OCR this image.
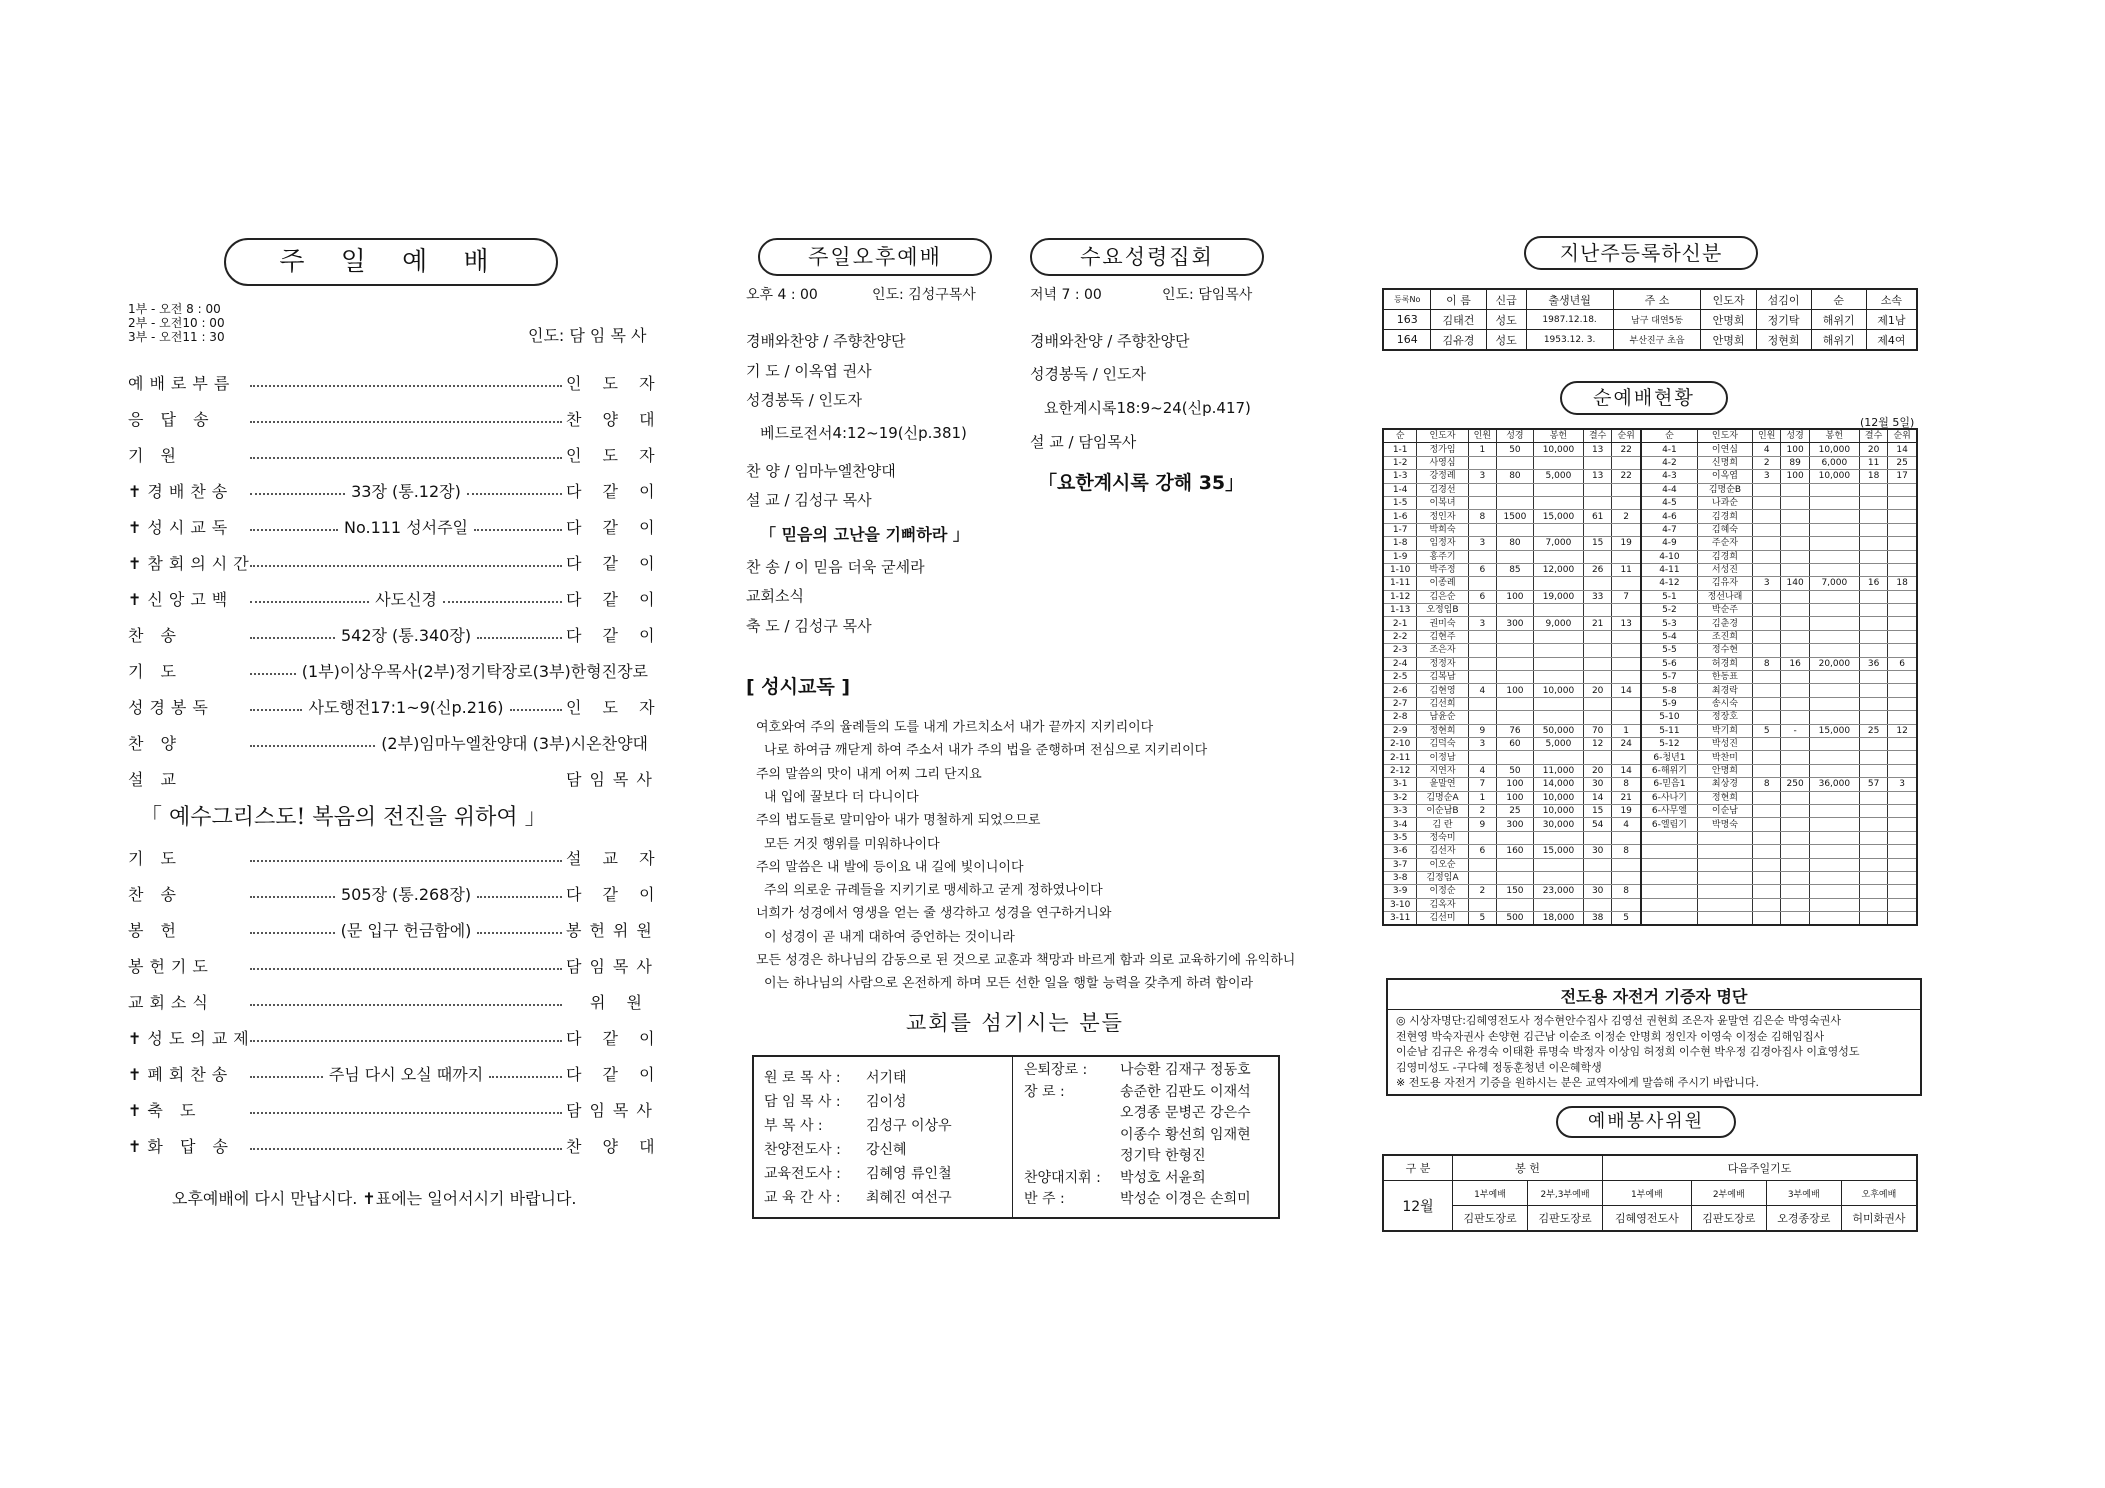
주 일 예 배
1부 - 오전 8 : 00
2부 - 오전10 : 00
3부 - 오전11 : 30	인도: 담 임 목 사
예배로부름	인 도 자
응 답 송	찬 양 대
기 원	인 도 자
✝경배찬송	33장 (통.12장)	다 같 이
✝성시교독	No.111 성서주일	다 같 이
✝참회의시간	다 같 이
✝신앙고백	사도신경	다 같 이
찬 송	542장 (통.340장)	다 같 이
기 도	(1부)이상우목사(2부)정기탁장로(3부)한형진장로
성경봉독	사도행전17:1~9(신p.216)	인 도 자
찬 양	(2부)임마누엘찬양대 (3부)시온찬양대
설 교	담임목사
「 예수그리스도! 복음의 전진을 위하여 」
기 도	설 교 자
찬 송	505장 (통.268장)	다 같 이
봉 헌	(문 입구 헌금함에)	봉헌위원
봉헌기도	담임목사
교회소식	위 원
✝성도의교제	다 같 이
✝폐회찬송	주님 다시 오실 때까지	다 같 이
✝축 도	담임목사
✝화 답 송	찬 양 대
오후예배에 다시 만납시다. ✝표에는 일어서시기 바랍니다.
주일오후예배	수요성령집회
오후 4 : 00	인도: 김성구목사	저녁 7 : 00	인도: 담임목사
경배와찬양 / 주향찬양단
기 도 / 이옥엽 권사
성경봉독 / 인도자
베드로전서4:12~19(신p.381)
찬 양 / 임마누엘찬양대
설 교 / 김성구 목사
「 믿음의 고난을 기뻐하라 」
찬 송 / 이 믿음 더욱 굳세라
교회소식
축 도 / 김성구 목사
경배와찬양 / 주향찬양단
성경봉독 / 인도자
요한계시록18:9~24(신p.417)
설 교 / 담임목사
「요한계시록 강해 35」
[ 성시교독 ]
여호와여 주의 율례들의 도를 내게 가르치소서 내가 끝까지 지키리이다
나로 하여금 깨닫게 하여 주소서 내가 주의 법을 준행하며 전심으로 지키리이다
주의 말씀의 맛이 내게 어찌 그리 단지요
내 입에 꿀보다 더 다니이다
주의 법도들로 말미암아 내가 명철하게 되었으므로
모든 거짓 행위를 미워하나이다
주의 말씀은 내 발에 등이요 내 길에 빛이니이다
주의 의로운 규례들을 지키기로 맹세하고 굳게 정하였나이다
너희가 성경에서 영생을 얻는 줄 생각하고 성경을 연구하거니와
이 성경이 곧 내게 대하여 증언하는 것이니라
모든 성경은 하나님의 감동으로 된 것으로 교훈과 책망과 바르게 함과 의로 교육하기에 유익하니
이는 하나님의 사람으로 온전하게 하며 모든 선한 일을 행할 능력을 갖추게 하려 함이라
교회를 섬기시는 분들
원 로 목 사 : 서기태
담 임 목 사 : 김이성
부 목 사 :	김성구 이상우
찬양전도사 : 강신혜
교육전도사 : 김혜영 류인철
교 육 간 사 : 최혜진 여선구
은퇴장로 : 나승환 김재구 정동호
장 로 :	송준한 김판도 이재석
오경종 문병곤 강은수
이종수 황선희 임재현
정기탁 한형진
찬양대지휘 : 박성호 서윤희
반 주 :	박성순 이경은 손희미
지난주등록하신분
등록No	이 름	신급	출생년월	주 소	인도자	섬김이	순	소속
163	김태건	성도	1987.12.18.	남구 대연5동	안명희	정기탁	해위기	제1남
164	김유경	성도	1953.12. 3.	부산진구 초읍	안명희	정현희	해위기	제4여
순예배현황
(12월 5일)
순	인도자	인원	성경	봉헌	결수	순위	순	인도자	인원	성경	봉헌	결수	순위
1-1	정가임	1	50	10,000	13	22	4-1	이연심	4	100	10,000	20	14
1-2	사영심						4-2	신명희	2	89	6,000	11	25
1-3	강정례	3	80	5,000	13	22	4-3	이옥엽	3	100	10,000	18	17
1-4	김경선						4-4	김명순B					
1-5	이복녀						4-5	나과순					
1-6	정인자	8	1500	15,000	61	2	4-6	김경희					
1-7	박희숙						4-7	김혜숙					
1-8	임정자	3	80	7,000	15	19	4-9	주순자					
1-9	홍주기						4-10	김경희					
1-10	박주정	6	85	12,000	26	11	4-11	서성진					
1-11	이종례						4-12	김유자	3	140	7,000	16	18
1-12	김은순	6	100	19,000	33	7	5-1	정선나래					
1-13	오정임B						5-2	박순주					
2-1	권미숙	3	300	9,000	21	13	5-3	김춘경					
2-2	김현주						5-4	조진희					
2-3	조은자						5-5	정수현					
2-4	정정자						5-6	허경희	8	16	20,000	36	6
2-5	김복남						5-7	한동표					
2-6	김현영	4	100	10,000	20	14	5-8	최경락					
2-7	김선희						5-9	송시숙					
2-8	남윤순						5-10	정장호					
2-9	정현희	9	76	50,000	70	1	5-11	박기희	5	-	15,000	25	12
2-10	김덕숙	3	60	5,000	12	24	5-12	박성진					
2-11	이정남						6-청년1	박찬미					
2-12	지연자	4	50	11,000	20	14	6-해위기	안명희					
3-1	윤말연	7	100	14,000	30	8	6-믿음1	최상경	8	250	36,000	57	3
3-2	김명순A	1	100	10,000	14	21	6-사나기	정현희					
3-3	이순남B	2	25	10,000	15	19	6-사무엘	이순남					
3-4	김 란	9	300	30,000	54	4	6-엘림기	박명숙					
3-5	정숙미												
3-6	김선자	6	160	15,000	30	8							
3-7	이오순												
3-8	김정임A												
3-9	이정순	2	150	23,000	30	8							
3-10	김옥자												
3-11	김선미	5	500	18,000	38	5							
전도용 자전거 기증자 명단
◎ 시상자명단:김혜영전도사 정수현안수집사 김영선 권현희 조은자 윤말연 김은순 박영숙권사
전현영 박숙자권사 손양현 김근남 이순조 이정순 안명희 정인자 이영숙 이정순 김해임집사
이순남 김규은 유경숙 이태환 류명숙 박정자 이상임 허정희 이수현 박우정 김경아집사 이효영성도
김영미성도 -구다혜 정동훈청년 이은혜학생
※ 전도용 자전거 기증을 원하시는 분은 교역자에게 말씀해 주시기 바랍니다.
예배봉사위원
구 분	봉 헌		다음주일기도			
12월	1부예배	2부,3부예배	1부예배	2부예배	3부예배	오후예배
	김판도장로	김판도장로	김혜영전도사	김판도장로	오경종장로	허미화권사
